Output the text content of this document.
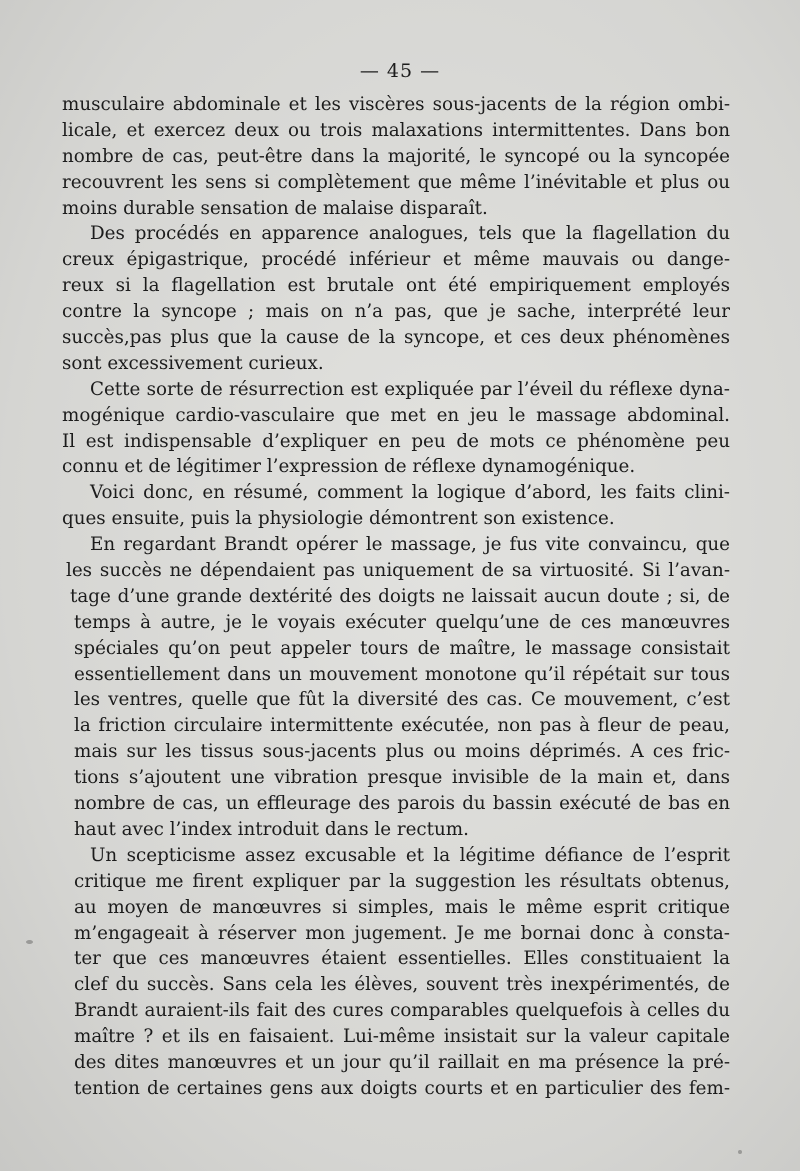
— 45 —
musculaire abdominale et les viscères sous-jacents de la région ombi-
licale, et exercez deux ou trois malaxations intermittentes. Dans bon
nombre de cas, peut-être dans la majorité, le syncopé ou la syncopée
recouvrent les sens si complètement que même l’inévitable et plus ou
moins durable sensation de malaise disparaît.
Des procédés en apparence analogues, tels que la flagellation du
creux épigastrique, procédé inférieur et même mauvais ou dange-
reux si la flagellation est brutale ont été empiriquement employés
contre la syncope ; mais on n’a pas, que je sache, interprété leur
succès,pas plus que la cause de la syncope, et ces deux phénomènes
sont excessivement curieux.
Cette sorte de résurrection est expliquée par l’éveil du réflexe dyna-
mogénique cardio-vasculaire que met en jeu le massage abdominal.
Il est indispensable d’expliquer en peu de mots ce phénomène peu
connu et de légitimer l’expression de réflexe dynamogénique.
Voici donc, en résumé, comment la logique d’abord, les faits clini-
ques ensuite, puis la physiologie démontrent son existence.
En regardant Brandt opérer le massage, je fus vite convaincu, que
les succès ne dépendaient pas uniquement de sa virtuosité. Si l’avan-
tage d’une grande dextérité des doigts ne laissait aucun doute ; si, de
temps à autre, je le voyais exécuter quelqu’une de ces manœuvres
spéciales qu’on peut appeler tours de maître, le massage consistait
essentiellement dans un mouvement monotone qu’il répétait sur tous
les ventres, quelle que fût la diversité des cas. Ce mouvement, c’est
la friction circulaire intermittente exécutée, non pas à fleur de peau,
mais sur les tissus sous-jacents plus ou moins déprimés. A ces fric-
tions s’ajoutent une vibration presque invisible de la main et, dans
nombre de cas, un effleurage des parois du bassin exécuté de bas en
haut avec l’index introduit dans le rectum.
Un scepticisme assez excusable et la légitime défiance de l’esprit
critique me firent expliquer par la suggestion les résultats obtenus,
au moyen de manœuvres si simples, mais le même esprit critique
m’engageait à réserver mon jugement. Je me bornai donc à consta-
ter que ces manœuvres étaient essentielles. Elles constituaient la
clef du succès. Sans cela les élèves, souvent très inexpérimentés, de
Brandt auraient-ils fait des cures comparables quelquefois à celles du
maître ? et ils en faisaient. Lui-même insistait sur la valeur capitale
des dites manœuvres et un jour qu’il raillait en ma présence la pré-
tention de certaines gens aux doigts courts et en particulier des fem-
